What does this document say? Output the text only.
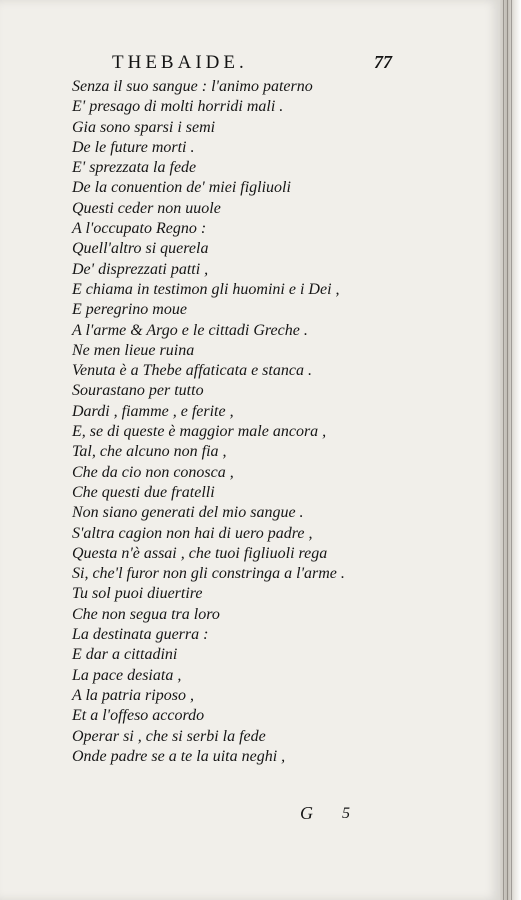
THEBAIDE.	77
Senza il suo sangue : l'animo paterno
E' presago di molti horridi mali .
Gia sono sparsi i semi
De le future morti .
E' sprezzata la fede
De la conuention de' miei figliuoli
Questi ceder non uuole
A l'occupato Regno :
Quell'altro si querela
De' disprezzati patti ,
E chiama in testimon gli huomini e i Dei ,
E peregrino moue
A l'arme & Argo e le cittadi Greche .
Ne men lieue ruina
Venuta è a Thebe affaticata e stanca .
Sourastano per tutto
Dardi , fiamme , e ferite ,
E, se di queste è maggior male ancora ,
Tal, che alcuno non fia ,
Che da cio non conosca ,
Che questi due fratelli
Non siano generati del mio sangue .
S'altra cagion non hai di uero padre ,
Questa n'è assai , che tuoi figliuoli rega
Si, che'l furor non gli constringa a l'arme .
Tu sol puoi diuertire
Che non segua tra loro
La destinata guerra :
E dar a cittadini
La pace desiata ,
A la patria riposo ,
Et a l'offeso accordo
Operar si , che si serbi la fede
Onde padre se a te la uita neghi ,
G 5
